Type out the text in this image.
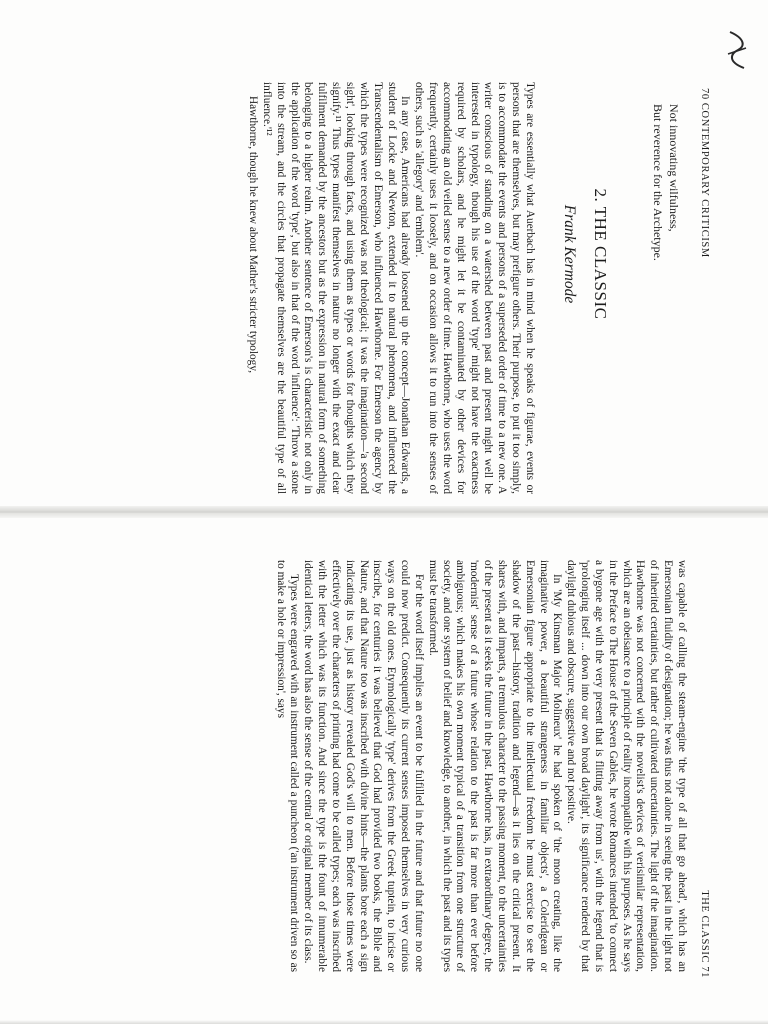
70 CONTEMPORARY CRITICISM
Not innovating wilfulness,
But reverence for the Archetype.
2. THE CLASSIC
Frank Kermode

Types are essentially what Auerbach has in mind when he speaks of figurae, events or persons that are themselves, but may prefigure others. Their purpose, to put it too simply, is to accommodate the events and persons of a superseded order of time to a new one. A writer conscious of standing on a watershed between past and present might well be interested in typology, though his use of the word 'type' might not have the exactness required by scholars, and he might let it be contaminated by other devices for accommodating an old veiled sense to a new order of time. Hawthorne, who uses the word frequently, certainly uses it loosely, and on occasion allows it to run into the senses of others, such as 'allegory' and 'emblem'.

In any case, Americans had already loosened up the concept—Jonathan Edwards, a student of Locke and Newton, extended it to natural phenomena, and influenced the Transcendentalism of Emerson, who influenced Hawthorne. For Emerson the agency by which the types were recognized was not theological; it was the imagination—'a second sight', looking through facts, and using them as types or words for thoughts which they signify.¹¹ Thus types manifest themselves in nature no longer with the exact and clear fulfilment demanded by the ancestors but as the expression in natural form of something belonging to a higher realm. Another sentence of Emerson's is characteristic not only in the application of the word 'type', but also in that of the word 'influence': 'Throw a stone into the stream, and the circles that propagate themselves are the beautiful type of all influence.'¹²

Hawthorne, though he knew about Mather's stricter typology,

THE CLASSIC 71

was capable of calling the steam-engine 'the type of all that go ahead', which has an Emersonian fluidity of designation; he was thus not alone in seeing the past in the light not of inherited certainties, but rather of cultivated uncertainties. The light of the imagination. Hawthorne was not concerned with the novelist's devices of verisimilar representation, which are an obeisance to a principle of reality incompatible with his purposes. As he says in the Preface to The House of the Seven Gables, he wrote Romances intended 'to connect a bygone age with the very present that is flitting away from us', with the legend that is 'prolonging itself ... down into our own broad daylight', its significance rendered by that daylight dubious and obscure, suggestive and not positive.

In 'My Kinsman Major Molineux' he had spoken of 'the moon creating, like the imaginative power, a beautiful strangeness in familiar objects', a Coleridgean or Emersonian figure appropriate to the intellectual freedom he must exercise to see the shadow of the past—history, tradition and legend—as it lies on the critical present. It shares with, and imparts, a tremulous character to the passing moment, to the uncertainties of the present as it seeks the future in the past. Hawthorne has, in extraordinary degree, the 'modernist' sense of a future whose relation to the past is far more than ever before ambiguous; which makes his own moment typical of a transition from one structure of society, and one system of belief and knowledge, to another, in which the past and its types must be transformed.

For the word itself implies an event to be fulfilled in the future and that future no one could now predict. Consequently its current senses imposed themselves in very curious ways on the old ones. Etymologically 'type' derives from the Greek tuptein, to incise or inscribe, for centuries it was believed that God had provided two books, the Bible and Nature, and that Nature too was inscribed with divine hints—the plants bore each a sign indicating its use, just as history revealed God's will to men. Before those times were effectively over the characters of printing had come to be called types; each was inscribed with the letter which was its function. And since the type is the fount of innumerable identical letters, the word has also the sense of the central or original member of its class.

Types were engraved with an instrument called a puncheon ('an instrument driven so as to make a hole or impression', says
